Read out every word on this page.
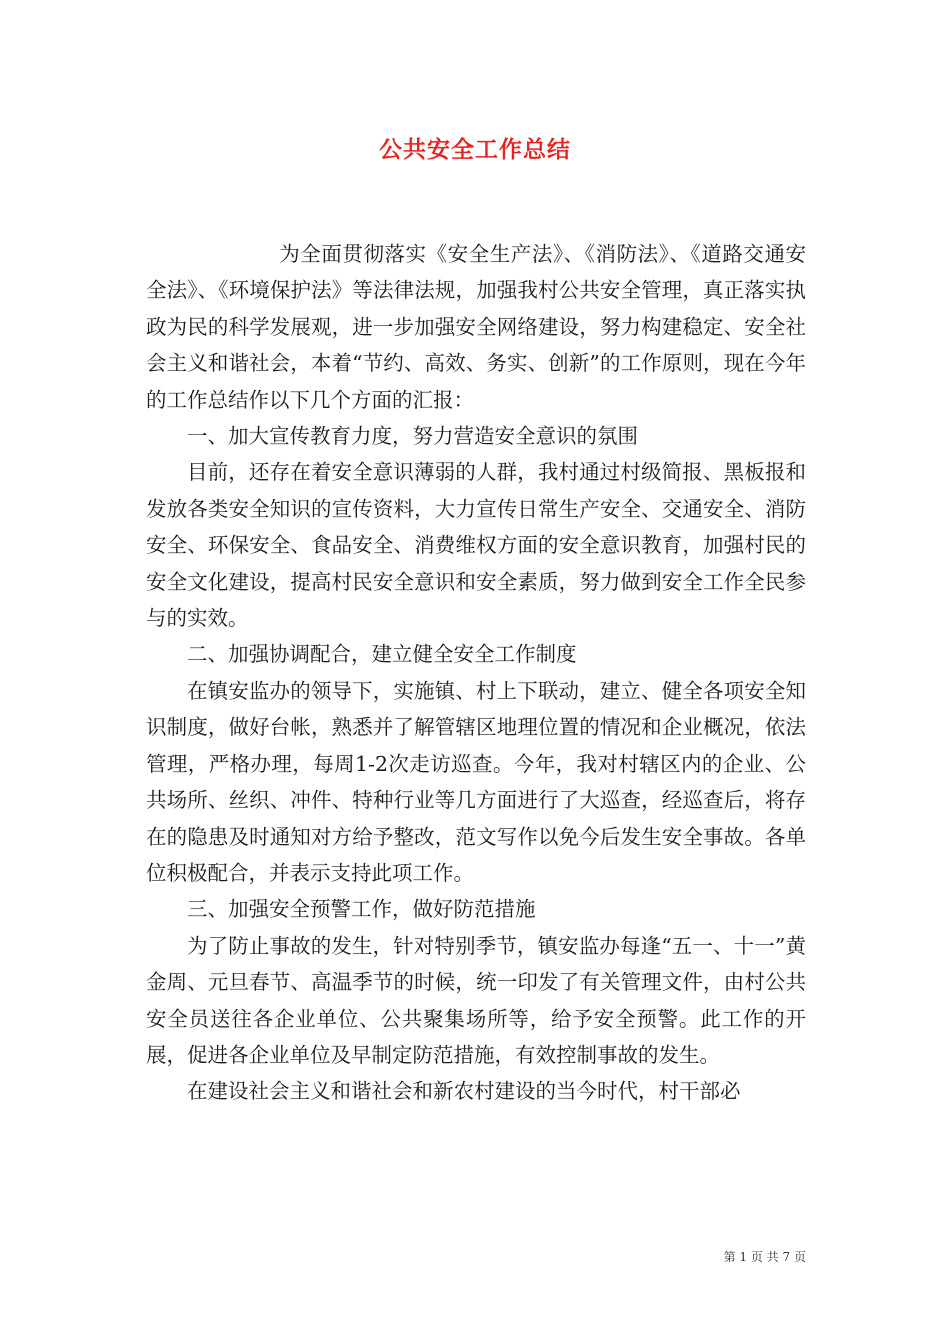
公共安全工作总结

为全面贯彻落实《安全生产法》、《消防法》、《道路交通安全法》、《环境保护法》等法律法规，加强我村公共安全管理，真正落实执政为民的科学发展观，进一步加强安全网络建设，努力构建稳定、安全社会主义和谐社会，本着“节约、高效、务实、创新”的工作原则，现在今年的工作总结作以下几个方面的汇报：

一、加大宣传教育力度，努力营造安全意识的氛围

目前，还存在着安全意识薄弱的人群，我村通过村级简报、黑板报和发放各类安全知识的宣传资料，大力宣传日常生产安全、交通安全、消防安全、环保安全、食品安全、消费维权方面的安全意识教育，加强村民的安全文化建设，提高村民安全意识和安全素质，努力做到安全工作全民参与的实效。

二、加强协调配合，建立健全安全工作制度

在镇安监办的领导下，实施镇、村上下联动，建立、健全各项安全知识制度，做好台帐，熟悉并了解管辖区地理位置的情况和企业概况，依法管理，严格办理，每周1-2次走访巡查。今年，我对村辖区内的企业、公共场所、丝织、冲件、特种行业等几方面进行了大巡查，经巡查后，将存在的隐患及时通知对方给予整改，范文写作以免今后发生安全事故。各单位积极配合，并表示支持此项工作。

三、加强安全预警工作，做好防范措施

为了防止事故的发生，针对特别季节，镇安监办每逢“五一、十一”黄金周、元旦春节、高温季节的时候，统一印发了有关管理文件，由村公共安全员送往各企业单位、公共聚集场所等，给予安全预警。此工作的开展，促进各企业单位及早制定防范措施，有效控制事故的发生。

在建设社会主义和谐社会和新农村建设的当今时代，村干部必

第 1 页 共 7 页
